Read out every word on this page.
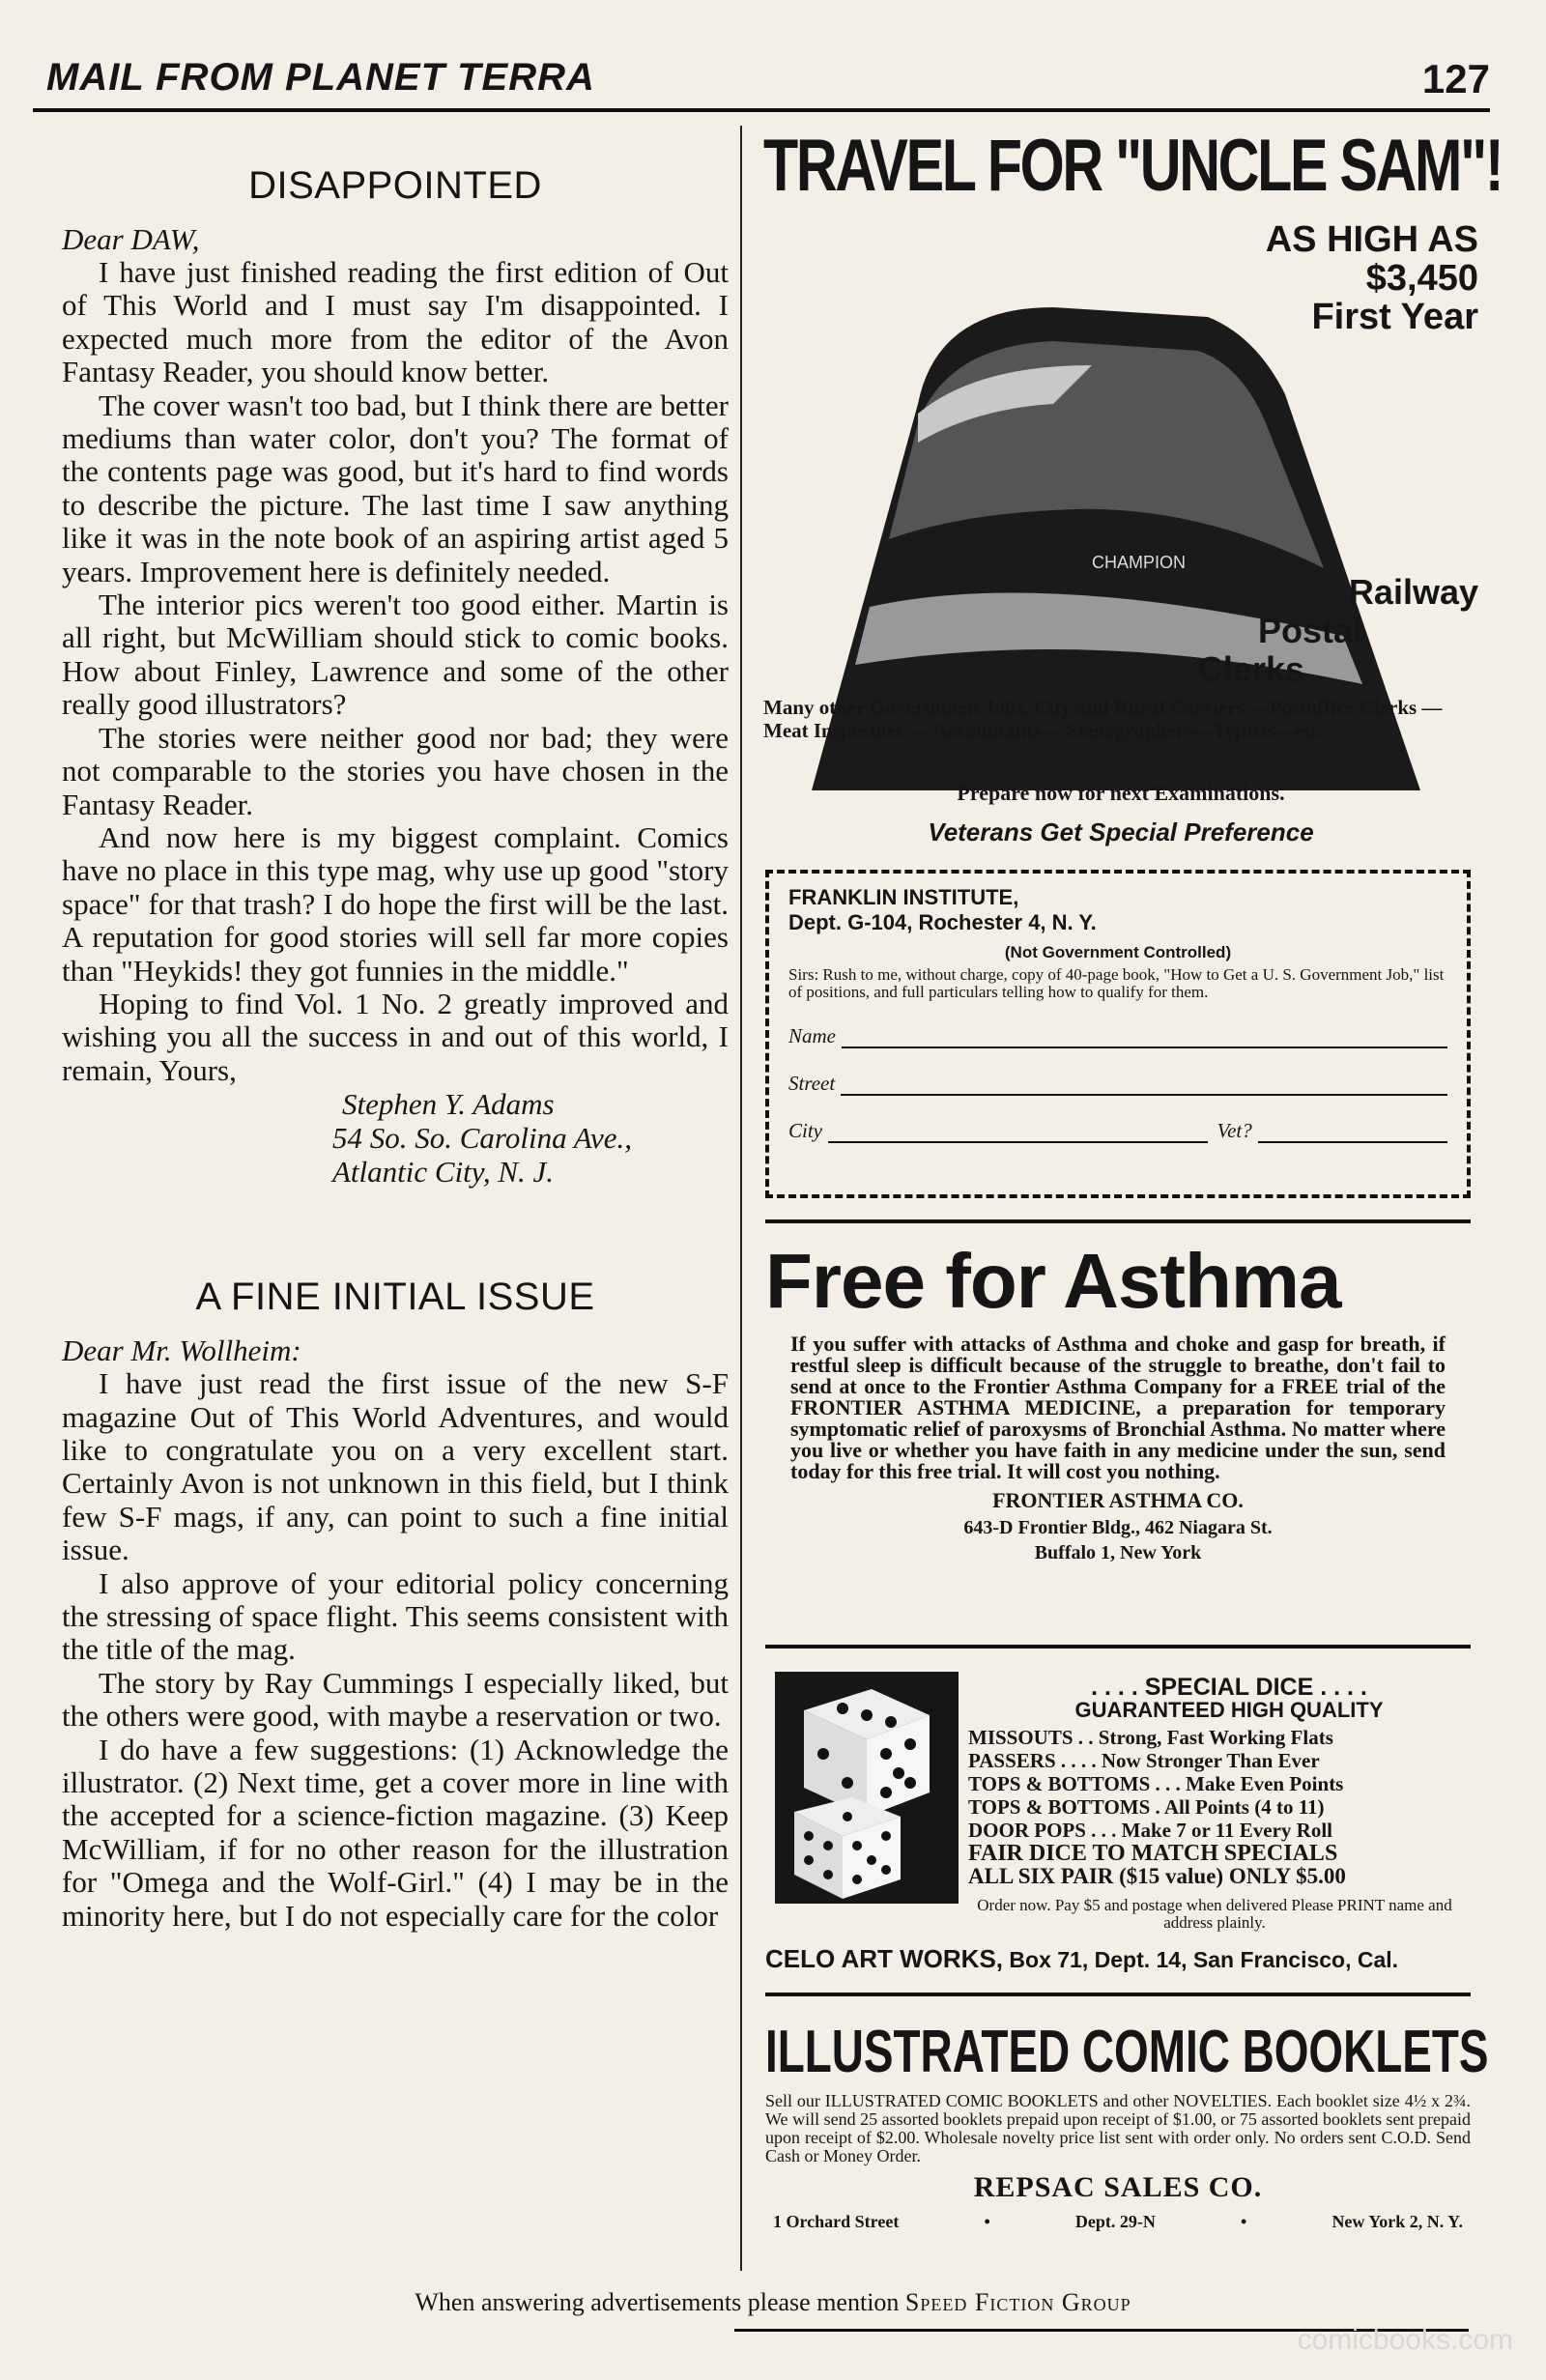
MAIL FROM PLANET TERRA	127
DISAPPOINTED
Dear DAW,

I have just finished reading the first edition of Out of This World and I must say I'm disappointed. I expected much more from the editor of the Avon Fantasy Reader, you should know better.

The cover wasn't too bad, but I think there are better mediums than water color, don't you? The format of the contents page was good, but it's hard to find words to describe the picture. The last time I saw anything like it was in the note book of an aspiring artist aged 5 years. Improvement here is definitely needed.

The interior pics weren't too good either. Martin is all right, but McWilliam should stick to comic books. How about Finley, Lawrence and some of the other really good illustrators?

The stories were neither good nor bad; they were not comparable to the stories you have chosen in the Fantasy Reader.

And now here is my biggest complaint. Comics have no place in this type mag, why use up good "story space" for that trash? I do hope the first will be the last. A reputation for good stories will sell far more copies than "Heykids! they got funnies in the middle."

Hoping to find Vol. 1 No. 2 greatly improved and wishing you all the success in and out of this world, I remain, Yours,

Stephen Y. Adams
54 So. So. Carolina Ave.,
Atlantic City, N. J.
A FINE INITIAL ISSUE
Dear Mr. Wollheim:

I have just read the first issue of the new S-F magazine Out of This World Adventures, and would like to congratulate you on a very excellent start. Certainly Avon is not unknown in this field, but I think few S-F mags, if any, can point to such a fine initial issue.

I also approve of your editorial policy concerning the stressing of space flight. This seems consistent with the title of the mag.

The story by Ray Cummings I especially liked, but the others were good, with maybe a reservation or two.

I do have a few suggestions: (1) Acknowledge the illustrator. (2) Next time, get a cover more in line with the accepted for a science-fiction magazine. (3) Keep McWilliam, if for no other reason for the illustration for "Omega and the Wolf-Girl." (4) I may be in the minority here, but I do not especially care for the color

TRAVEL FOR "UNCLE SAM"!
CHAMPION
AS HIGH AS
$3,450
First Year
Railway
Postal
Clerks
Many other Government Jobs. City and Rural Carriers —Postoffice Clerks — Meat Inspectors — Accountants— Stenographers—Typists—etc.
Prepare now for next Examinations.
Veterans Get Special Preference
FRANKLIN INSTITUTE,
Dept. G-104, Rochester 4, N. Y.
(Not Government Controlled)
Sirs: Rush to me, without charge, copy of 40-page book, "How to Get a U. S. Government Job," list of positions, and full particulars telling how to qualify for them.
Name
Street
City	Vet?
Free for Asthma
If you suffer with attacks of Asthma and choke and gasp for breath, if restful sleep is difficult because of the struggle to breathe, don't fail to send at once to the Frontier Asthma Company for a FREE trial of the FRONTIER ASTHMA MEDICINE, a preparation for temporary symptomatic relief of paroxysms of Bronchial Asthma. No matter where you live or whether you have faith in any medicine under the sun, send today for this free trial. It will cost you nothing.
FRONTIER ASTHMA CO.
643-D Frontier Bldg., 462 Niagara St.
Buffalo 1, New York
. . . . SPECIAL DICE . . . .
GUARANTEED HIGH QUALITY
MISSOUTS . . Strong, Fast Working Flats
PASSERS . . . . Now Stronger Than Ever
TOPS & BOTTOMS . . . Make Even Points
TOPS & BOTTOMS . All Points (4 to 11)
DOOR POPS . . . Make 7 or 11 Every Roll
FAIR DICE TO MATCH SPECIALS
ALL SIX PAIR ($15 value) ONLY $5.00
Order now. Pay $5 and postage when delivered Please PRINT name and address plainly.
CELO ART WORKS, Box 71, Dept. 14, San Francisco, Cal.
ILLUSTRATED COMIC BOOKLETS
Sell our ILLUSTRATED COMIC BOOKLETS and other NOVELTIES. Each booklet size 4½ x 2¾. We will send 25 assorted booklets prepaid upon receipt of $1.00, or 75 assorted booklets sent prepaid upon receipt of $2.00. Wholesale novelty price list sent with order only. No orders sent C.O.D. Send Cash or Money Order.
REPSAC SALES CO.
1 Orchard Street	•	Dept. 29-N	•	New York 2, N. Y.
When answering advertisements please mention Speed Fiction Group
comicbooks.com
